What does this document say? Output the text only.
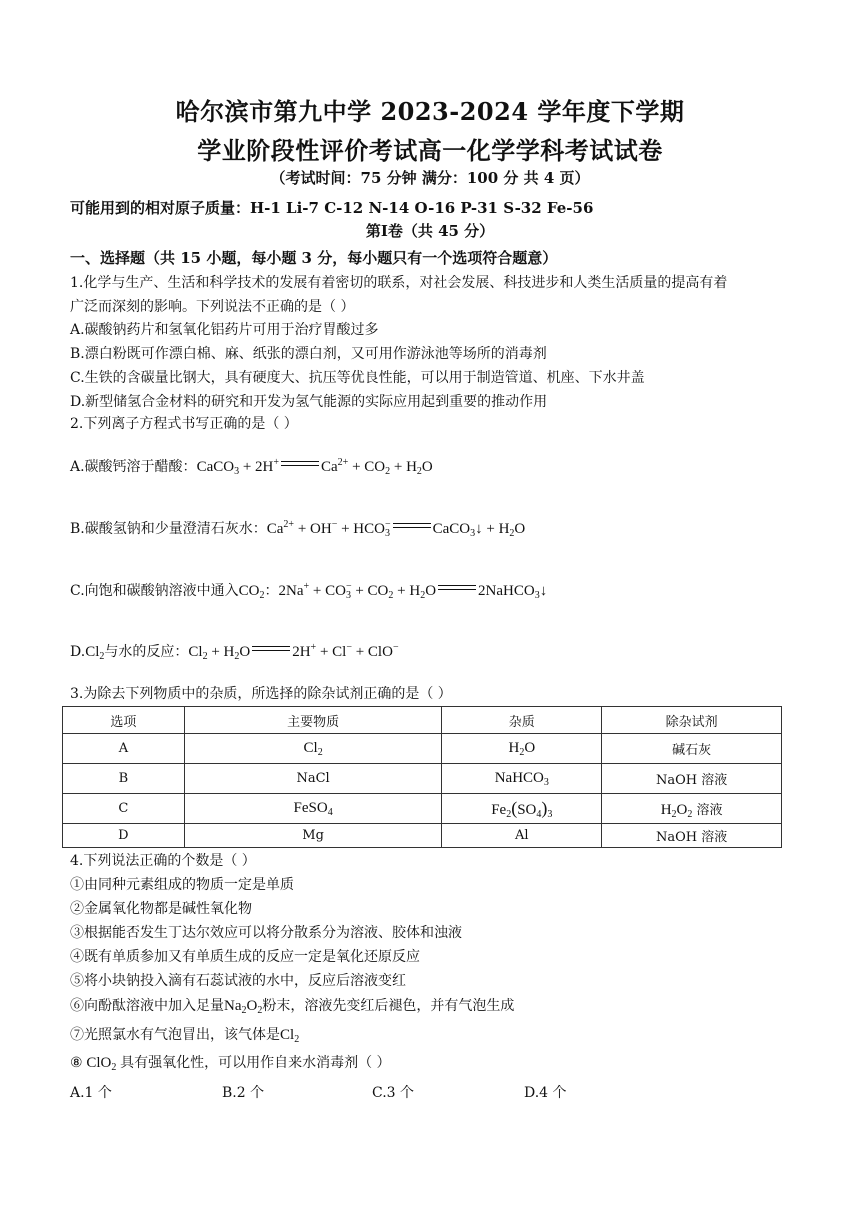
哈尔滨市第九中学 2023-2024 学年度下学期
学业阶段性评价考试高一化学学科考试试卷
（考试时间：75 分钟 满分：100 分 共 4 页）
可能用到的相对原子质量：H-1 Li-7 C-12 N-14 O-16 P-31 S-32 Fe-56
第Ⅰ卷（共 45 分）
一、选择题（共 15 小题，每小题 3 分，每小题只有一个选项符合题意）
1.化学与生产、生活和科学技术的发展有着密切的联系，对社会发展、科技进步和人类生活质量的提高有着
广泛而深刻的影响。下列说法不正确的是（ ）
A.碳酸钠药片和氢氧化铝药片可用于治疗胃酸过多
B.漂白粉既可作漂白棉、麻、纸张的漂白剂，又可用作游泳池等场所的消毒剂
C.生铁的含碳量比钢大，具有硬度大、抗压等优良性能，可以用于制造管道、机座、下水井盖
D.新型储氢合金材料的研究和开发为氢气能源的实际应用起到重要的推动作用
2.下列离子方程式书写正确的是（ ）
A.碳酸钙溶于醋酸：CaCO$_3$ + 2H+	$Ca^{2+} + CO_2 + H_2O$
B.碳酸氢钠和少量澄清石灰水：$Ca^{2+} + OH^- + HCO_3^-$	CaCO$_3$↓ + $H_2O$
C.向饱和碳酸钠溶液中通入$CO_2$：$2Na^+ + CO_3^- + CO_2 + H_2O$	2NaHCO$_3$↓
$D.Cl_2$与水的反应：$Cl_2 + H_2O$	2H+ + Cl− + ClO−
3.为除去下列物质中的杂质，所选择的除杂试剂正确的是（ ）
选项	主要物质	杂质	除杂试剂
A	$Cl_2$	$H_2O$	碱石灰
B	NaCl	NaHCO$_3$	NaOH 溶液
C	FeSO$_4$	$Fe_2(SO_4)_3$	$H_2O_2$ 溶液
D	Mg	Al	NaOH 溶液
4.下列说法正确的个数是（ ）
①由同种元素组成的物质一定是单质
②金属氧化物都是碱性氧化物
③根据能否发生丁达尔效应可以将分散系分为溶液、胶体和浊液
④既有单质参加又有单质生成的反应一定是氧化还原反应
⑤将小块钠投入滴有石蕊试液的水中，反应后溶液变红
⑥向酚酞溶液中加入足量$Na_2O_2$粉末，溶液先变红后褪色，并有气泡生成
⑦光照氯水有气泡冒出，该气体是$Cl_2$
⑧ ClO$_2$ 具有强氧化性，可以用作自来水消毒剂（ ）
A.1 个	B.2 个	C.3 个	D.4 个
